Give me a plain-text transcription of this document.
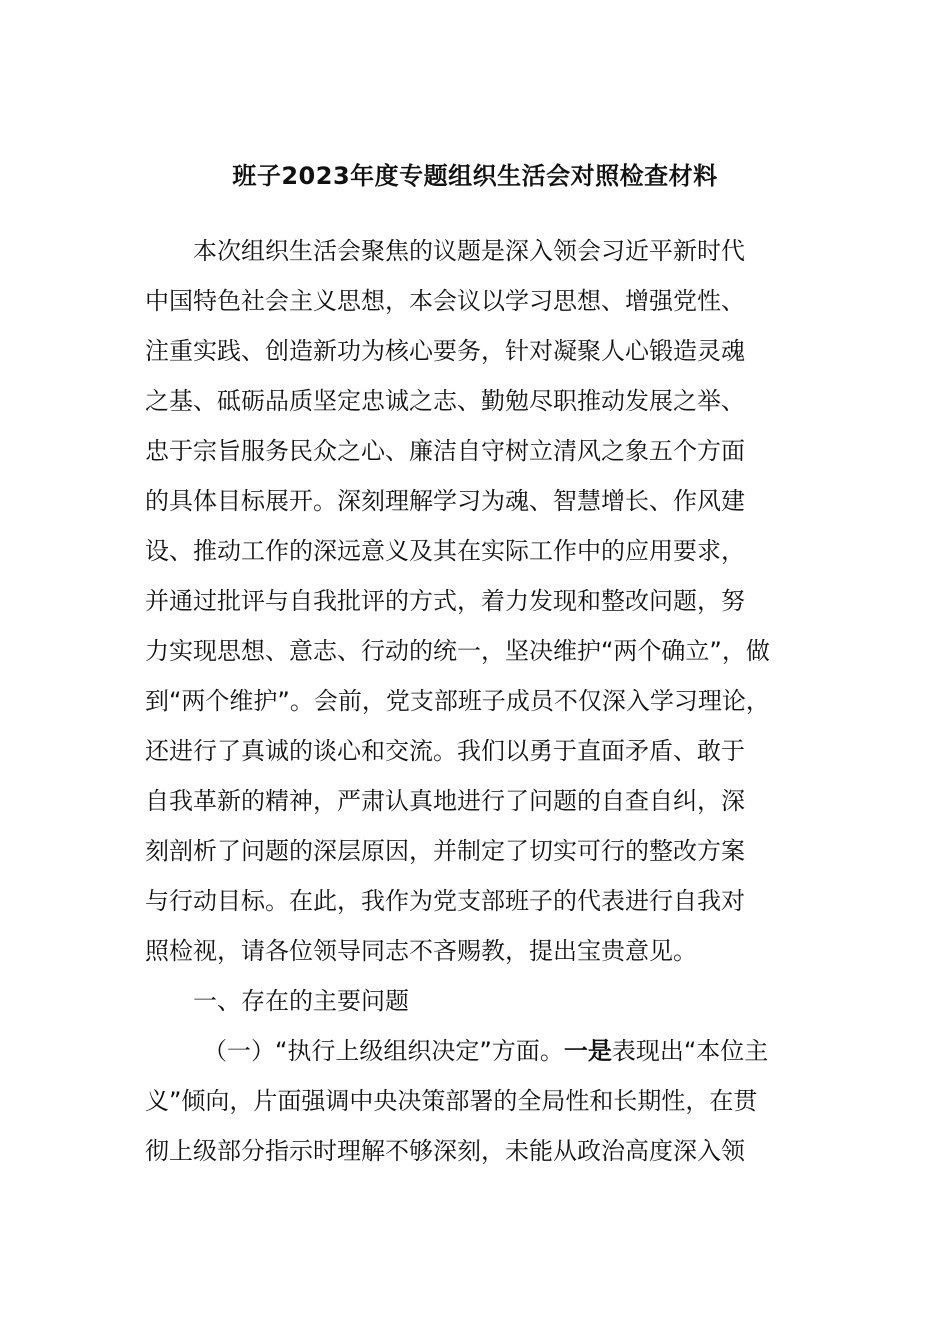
班子2023年度专题组织生活会对照检查材料
本次组织生活会聚焦的议题是深入领会习近平新时代
中国特色社会主义思想，本会议以学习思想、增强党性、
注重实践、创造新功为核心要务，针对凝聚人心锻造灵魂
之基、砥砺品质坚定忠诚之志、勤勉尽职推动发展之举、
忠于宗旨服务民众之心、廉洁自守树立清风之象五个方面
的具体目标展开。深刻理解学习为魂、智慧增长、作风建
设、推动工作的深远意义及其在实际工作中的应用要求，
并通过批评与自我批评的方式，着力发现和整改问题，努
力实现思想、意志、行动的统一，坚决维护“两个确立”，做
到“两个维护”。会前，党支部班子成员不仅深入学习理论，
还进行了真诚的谈心和交流。我们以勇于直面矛盾、敢于
自我革新的精神，严肃认真地进行了问题的自查自纠，深
刻剖析了问题的深层原因，并制定了切实可行的整改方案
与行动目标。在此，我作为党支部班子的代表进行自我对
照检视，请各位领导同志不吝赐教，提出宝贵意见。
一、存在的主要问题
（一）“执行上级组织决定”方面。一是表现出“本位主
义”倾向，片面强调中央决策部署的全局性和长期性，在贯
彻上级部分指示时理解不够深刻，未能从政治高度深入领
